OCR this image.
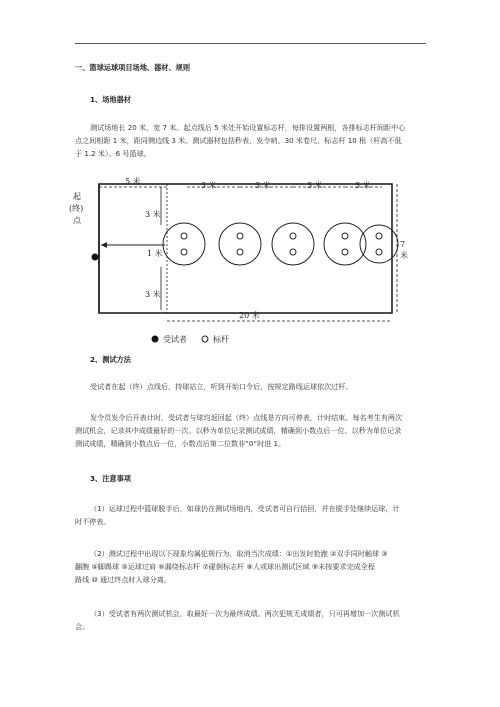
一、篮球运球项目场地、器材、规则
1、场地器材
测试场地长 20 米，宽 7 米。起点线后 5 米处开始设置标志杆，每排设置两根，各排标志杆间距中心
点之间相距 1 米，距同侧边线 3 米。测试器材包括秒表、发令哨、30 米卷尺、标志杆 10 根（杆高不低
于 1.2 米）、6 号篮球。
5 米	3 米	3 米	3 米	3 米
起
(终)
点
3 米
1 米
3 米
7
米
20 米
受试者	标杆
2、测试方法
受试者在起（终）点线后，持球站立，听到开始口令后，按规定路线运球依次过杆。
发令员发令后开表计时，受试者与球均返回起（终）点线是方向可停表，计时结束。每名考生有两次
测试机会，记录其中成绩最好的一次。以秒为单位记录测试成绩，精确到小数点后一位。以秒为单位记录
测试成绩，精确到小数点后一位，小数点后第二位数非“0”时进 1。
3、注意事项
（1）运球过程中篮球脱手后，如球仍在测试场地内，受试者可自行拾回，并在脱手处继续运球，计
时不停表。
（2）测试过程中出现以下现象均属犯规行为，取消当次成绩：①出发时抢跑 ②双手同时触球 ③
翻腕 ④脚踢球 ⑤运球过肩 ⑥漏绕标志杆 ⑦碰倒标志杆 ⑧人或球出测试区域 ⑨未按要求完成全程
路线 ⑩ 通过终点时人球分离。
（3）受试者有两次测试机会，取最好一次为最终成绩。两次犯规无成绩者，只可再增加一次测试机
会。
